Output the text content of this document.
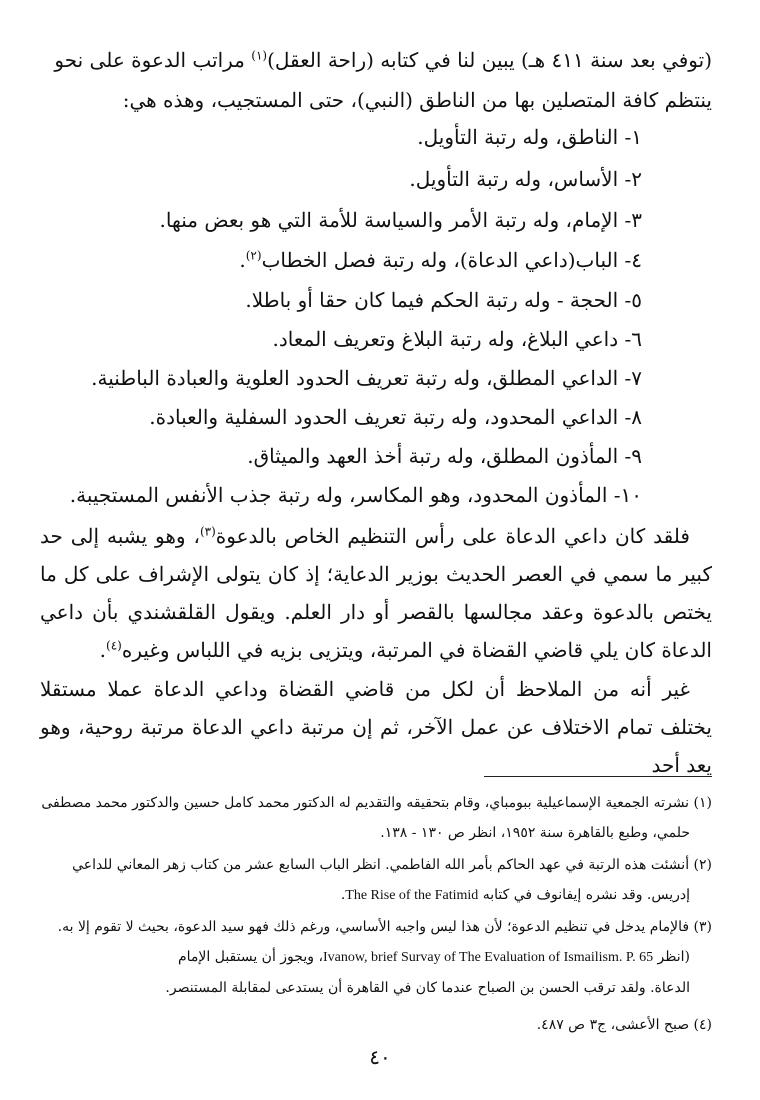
(توفي بعد سنة ٤١١ هـ) يبين لنا في كتابه (راحة العقل)$^{(١)}$ مراتب الدعوة على نحو

ينتظم كافة المتصلين بها من الناطق (النبي)، حتى المستجيب، وهذه هي:

١- الناطق، وله رتبة التأويل.
٢- الأساس، وله رتبة التأويل.
٣- الإمام، وله رتبة الأمر والسياسة للأمة التي هو بعض منها.
٤- الباب(داعي الدعاة)، وله رتبة فصل الخطاب$^{(٢)}$.
٥- الحجة - وله رتبة الحكم فيما كان حقا أو باطلا.
٦- داعي البلاغ، وله رتبة البلاغ وتعريف المعاد.
٧- الداعي المطلق، وله رتبة تعريف الحدود العلوية والعبادة الباطنية.
٨- الداعي المحدود، وله رتبة تعريف الحدود السفلية والعبادة.
٩- المأذون المطلق، وله رتبة أخذ العهد والميثاق.
١٠- المأذون المحدود، وهو المكاسر، وله رتبة جذب الأنفس المستجيبة.

فلقد كان داعي الدعاة على رأس التنظيم الخاص بالدعوة$^{(٣)}$، وهو يشبه إلى حد كبير ما سمي في العصر الحديث بوزير الدعاية؛ إذ كان يتولى الإشراف على كل ما يختص بالدعوة وعقد مجالسها بالقصر أو دار العلم. ويقول القلقشندي بأن داعي الدعاة كان يلي قاضي القضاة في المرتبة، ويتزيى بزيه في اللباس وغيره$^{(٤)}$.

غير أنه من الملاحظ أن لكل من قاضي القضاة وداعي الدعاة عملا مستقلا يختلف تمام الاختلاف عن عمل الآخر، ثم إن مرتبة داعي الدعاة مرتبة روحية، وهو يعد أحد

(١) نشرته الجمعية الإسماعيلية ببومباي، وقام بتحقيقه والتقديم له الدكتور محمد كامل حسين والدكتور محمد مصطفى
حلمي، وطبع بالقاهرة سنة ١٩٥٢، انظر ص ١٣٠ - ١٣٨.
(٢) أنشئت هذه الرتبة في عهد الحاكم بأمر الله الفاطمي. انظر الباب السابع عشر من كتاب زهر المعاني للداعي
إدريس. وقد نشره إيفانوف في كتابه The Rise of the Fatimid.
(٣) فالإمام يدخل في تنظيم الدعوة؛ لأن هذا ليس واجبه الأساسي، ورغم ذلك فهو سيد الدعوة، بحيث لا تقوم إلا به.
(انظر Ivanow, brief Survay of The Evaluation of Ismailism. P. 65، ويجوز أن يستقبل الإمام
الدعاة. ولقد ترقب الحسن بن الصباح عندما كان في القاهرة أن يستدعى لمقابلة المستنصر.
(٤) صبح الأعشى، ج٣ ص ٤٨٧.
٤٠
